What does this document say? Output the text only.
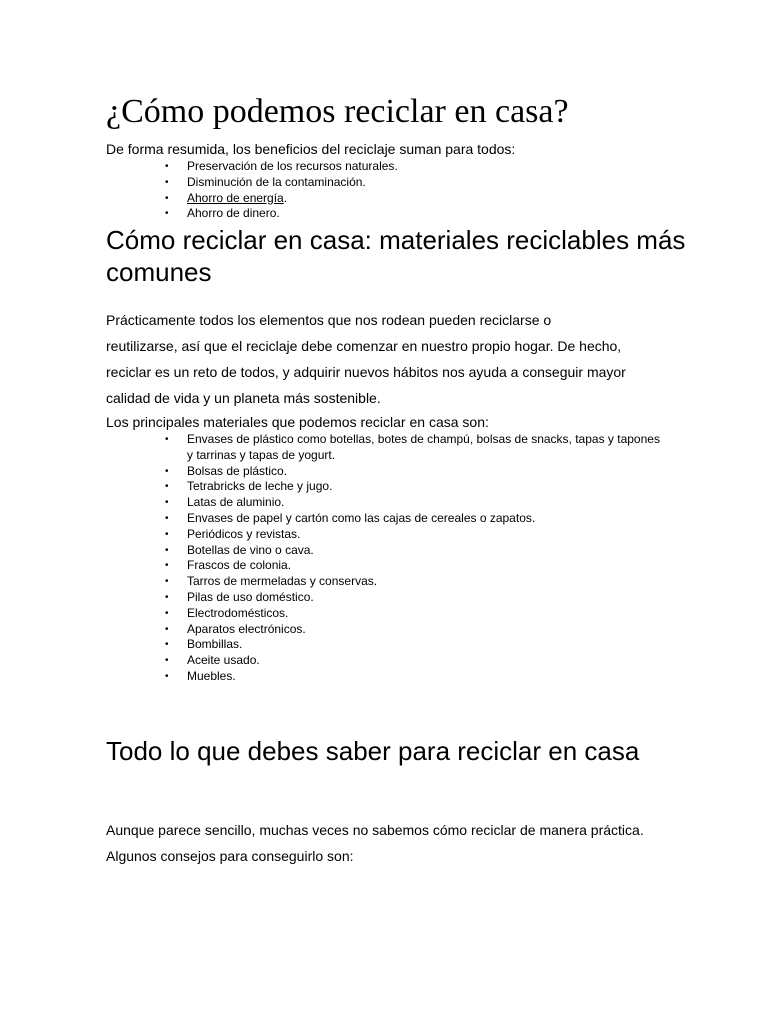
¿Cómo podemos reciclar en casa?

De forma resumida, los beneficios del reciclaje suman para todos:

• Preservación de los recursos naturales.
• Disminución de la contaminación.
• Ahorro de energía.
• Ahorro de dinero.
Cómo reciclar en casa: materiales reciclables más comunes

Prácticamente todos los elementos que nos rodean pueden reciclarse o reutilizarse, así que el reciclaje debe comenzar en nuestro propio hogar. De hecho, reciclar es un reto de todos, y adquirir nuevos hábitos nos ayuda a conseguir mayor calidad de vida y un planeta más sostenible.

Los principales materiales que podemos reciclar en casa son:

• Envases de plástico como botellas, botes de champú, bolsas de snacks, tapas y tapones y tarrinas y tapas de yogurt.
• Bolsas de plástico.
• Tetrabricks de leche y jugo.
• Latas de aluminio.
• Envases de papel y cartón como las cajas de cereales o zapatos.
• Periódicos y revistas.
• Botellas de vino o cava.
• Frascos de colonia.
• Tarros de mermeladas y conservas.
• Pilas de uso doméstico.
• Electrodomésticos.
• Aparatos electrónicos.
• Bombillas.
• Aceite usado.
• Muebles.
Todo lo que debes saber para reciclar en casa

Aunque parece sencillo, muchas veces no sabemos cómo reciclar de manera práctica. Algunos consejos para conseguirlo son:
